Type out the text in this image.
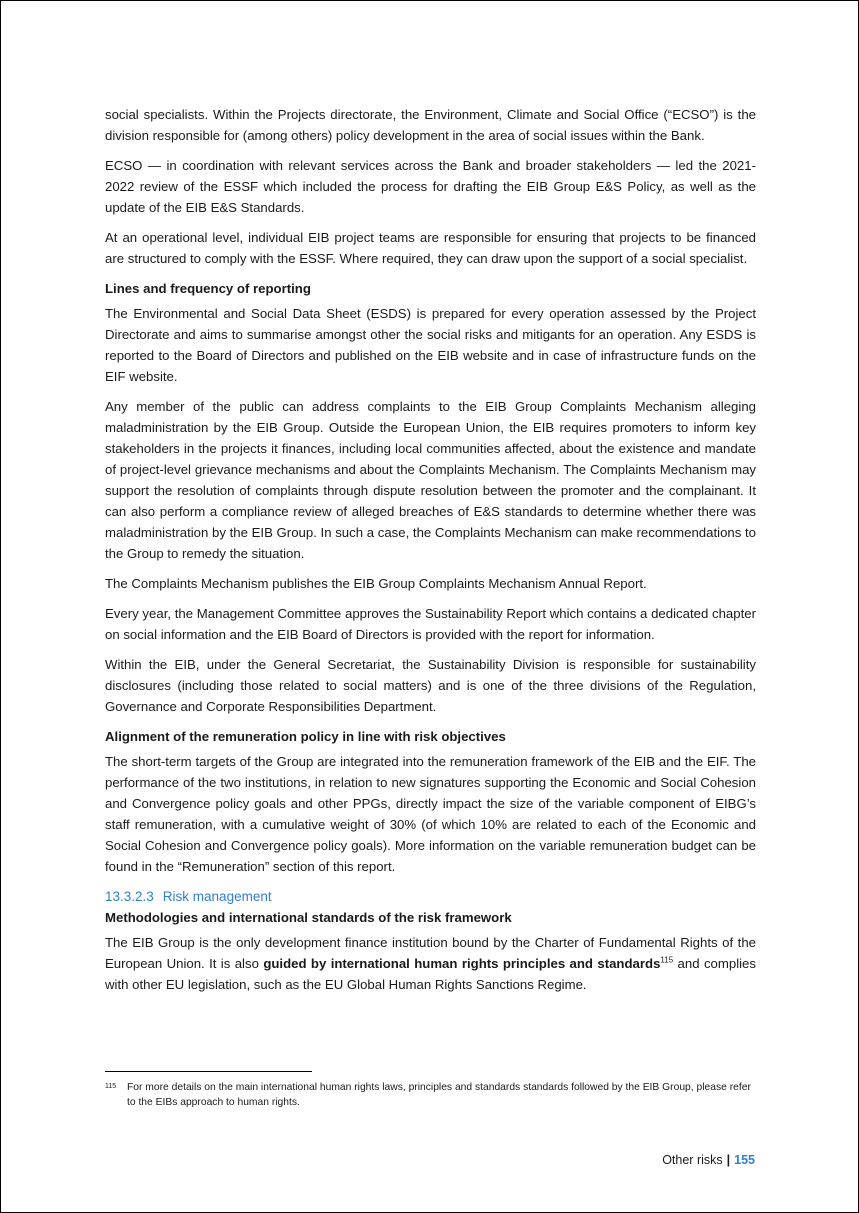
social specialists. Within the Projects directorate, the Environment, Climate and Social Office (“ECSO”) is the division responsible for (among others) policy development in the area of social issues within the Bank.

ECSO — in coordination with relevant services across the Bank and broader stakeholders — led the 2021-2022 review of the ESSF which included the process for drafting the EIB Group E&S Policy, as well as the update of the EIB E&S Standards.

At an operational level, individual EIB project teams are responsible for ensuring that projects to be financed are structured to comply with the ESSF. Where required, they can draw upon the support of a social specialist.

Lines and frequency of reporting

The Environmental and Social Data Sheet (ESDS) is prepared for every operation assessed by the Project Directorate and aims to summarise amongst other the social risks and mitigants for an operation. Any ESDS is reported to the Board of Directors and published on the EIB website and in case of infrastructure funds on the EIF website.

Any member of the public can address complaints to the EIB Group Complaints Mechanism alleging maladministration by the EIB Group. Outside the European Union, the EIB requires promoters to inform key stakeholders in the projects it finances, including local communities affected, about the existence and mandate of project-level grievance mechanisms and about the Complaints Mechanism. The Complaints Mechanism may support the resolution of complaints through dispute resolution between the promoter and the complainant. It can also perform a compliance review of alleged breaches of E&S standards to determine whether there was maladministration by the EIB Group. In such a case, the Complaints Mechanism can make recommendations to the Group to remedy the situation.

The Complaints Mechanism publishes the EIB Group Complaints Mechanism Annual Report.

Every year, the Management Committee approves the Sustainability Report which contains a dedicated chapter on social information and the EIB Board of Directors is provided with the report for information.

Within the EIB, under the General Secretariat, the Sustainability Division is responsible for sustainability disclosures (including those related to social matters) and is one of the three divisions of the Regulation, Governance and Corporate Responsibilities Department.

Alignment of the remuneration policy in line with risk objectives

The short-term targets of the Group are integrated into the remuneration framework of the EIB and the EIF. The performance of the two institutions, in relation to new signatures supporting the Economic and Social Cohesion and Convergence policy goals and other PPGs, directly impact the size of the variable component of EIBG’s staff remuneration, with a cumulative weight of 30% (of which 10% are related to each of the Economic and Social Cohesion and Convergence policy goals). More information on the variable remuneration budget can be found in the “Remuneration” section of this report.

13.3.2.3 Risk management

Methodologies and international standards of the risk framework

The EIB Group is the only development finance institution bound by the Charter of Fundamental Rights of the European Union. It is also guided by international human rights principles and standards$^{115}$ and complies with other EU legislation, such as the EU Global Human Rights Sanctions Regime.

115	For more details on the main international human rights laws, principles and standards standards followed by the EIB Group, please refer to the EIBs approach to human rights.
Other risks | 155
